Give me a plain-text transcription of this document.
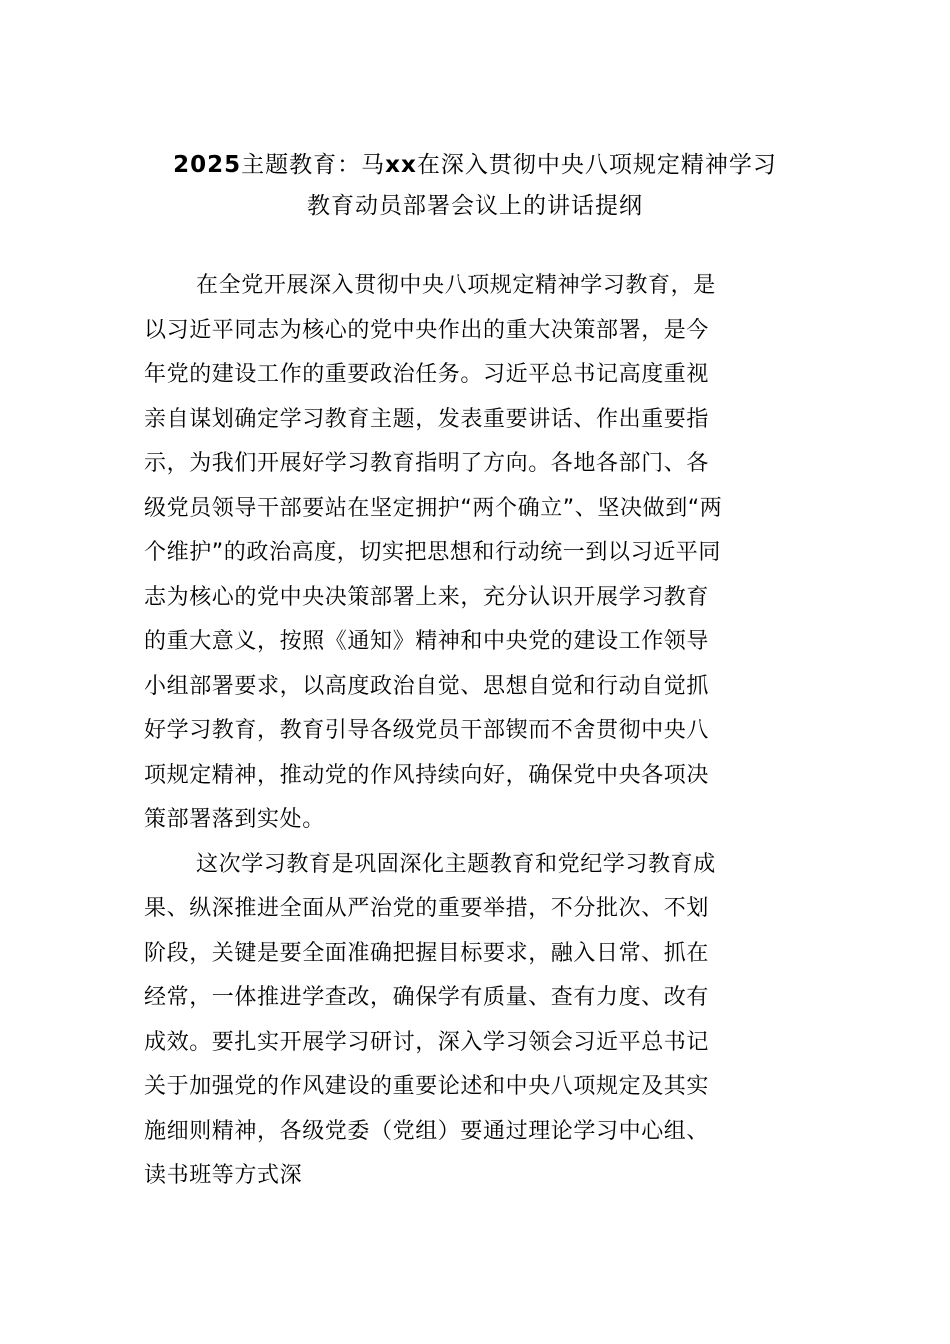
2025主题教育：马xx在深入贯彻中央八项规定精神学习
教育动员部署会议上的讲话提纲
在全党开展深入贯彻中央八项规定精神学习教育，是
以习近平同志为核心的党中央作出的重大决策部署，是今
年党的建设工作的重要政治任务。习近平总书记高度重视
亲自谋划确定学习教育主题，发表重要讲话、作出重要指
示，为我们开展好学习教育指明了方向。各地各部门、各
级党员领导干部要站在坚定拥护“两个确立”、坚决做到“两
个维护”的政治高度，切实把思想和行动统一到以习近平同
志为核心的党中央决策部署上来，充分认识开展学习教育
的重大意义，按照《通知》精神和中央党的建设工作领导
小组部署要求，以高度政治自觉、思想自觉和行动自觉抓
好学习教育，教育引导各级党员干部锲而不舍贯彻中央八
项规定精神，推动党的作风持续向好，确保党中央各项决
策部署落到实处。
这次学习教育是巩固深化主题教育和党纪学习教育成
果、纵深推进全面从严治党的重要举措，不分批次、不划
阶段，关键是要全面准确把握目标要求，融入日常、抓在
经常，一体推进学查改，确保学有质量、查有力度、改有
成效。要扎实开展学习研讨，深入学习领会习近平总书记
关于加强党的作风建设的重要论述和中央八项规定及其实
施细则精神，各级党委（党组）要通过理论学习中心组、
读书班等方式深
